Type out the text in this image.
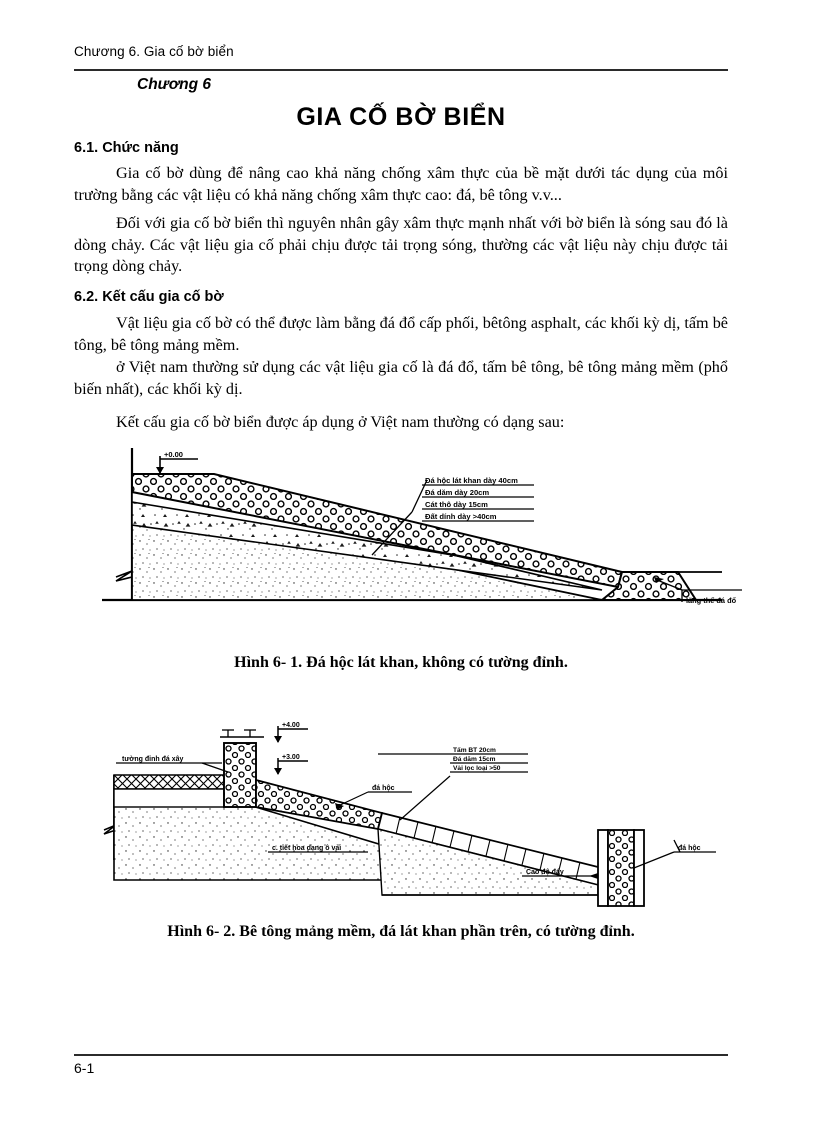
Chương 6. Gia cố bờ biển
Chương 6
GIA CỐ BỜ BIỂN
6.1. Chức năng
Gia cố bờ dùng để nâng cao khả năng chống xâm thực của bề mặt dưới tác dụng của môi trường bằng các vật liệu có khả năng chống xâm thực cao: đá, bê tông v.v...
Đối với gia cố bờ biển thì nguyên nhân gây xâm thực mạnh nhất với bờ biển là sóng sau đó là dòng chảy. Các vật liệu gia cố phải chịu được tải trọng sóng, thường các vật liệu này chịu được tải trọng dòng chảy.
6.2. Kết cấu gia cố bờ
Vật liệu gia cố bờ có thể được làm bằng đá đổ cấp phối, bêtông asphalt, các khối kỳ dị, tấm bê tông, bê tông mảng mềm.
ở Việt nam thường sử dụng các vật liệu gia cố là đá đổ, tấm bê tông, bê tông mảng mềm (phổ biến nhất), các khối kỳ dị.
Kết cấu gia cố bờ biển được áp dụng ở Việt nam thường có dạng sau:
+0.00
Đá hộc lát khan dày 40cm
Đá dăm dày 20cm
Cát thô dày 15cm
Đất dính dày >40cm
lăng thể đá đổ
Hình 6- 1. Đá hộc lát khan, không có tường đỉnh.
+4.00
+3.00
tường đỉnh đá xây
đá hộc
Tấm BT 20cm
Đá dăm 15cm
Vải lọc loại >50
c. tiết hoa dạng ô vải
Cao độ đáy
đá hộc
Hình 6- 2. Bê tông mảng mềm, đá lát khan phần trên, có tường đỉnh.
6-1
